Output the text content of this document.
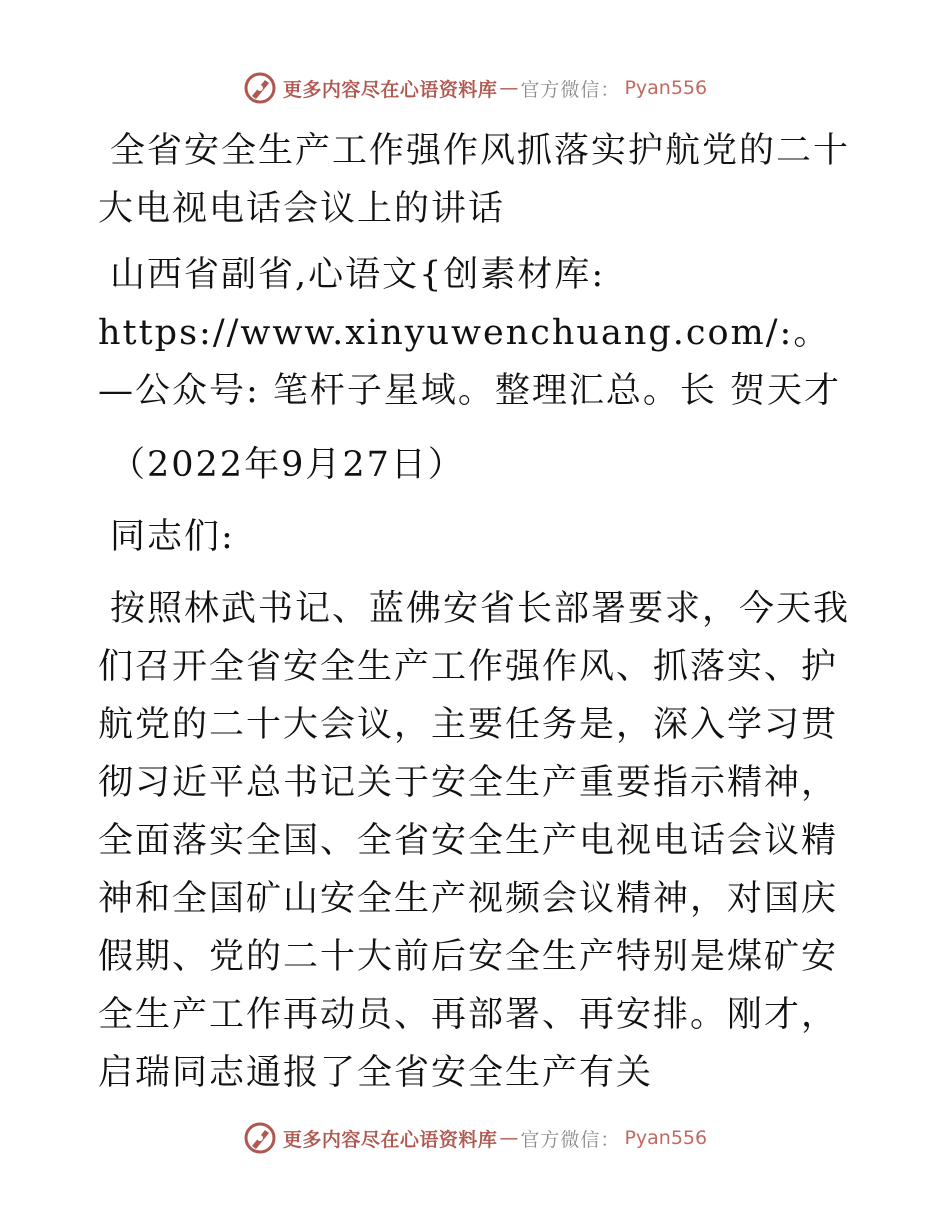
更多内容尽在心语资料库 — 官方微信： Pyan556

全省安全生产工作强作风抓落实护航党的二十大电视电话会议上的讲话

山西省副省,心语文{创素材库: https://www.xinyuwenchuang.com/:。—公众号: 笔杆子星域。整理汇总。长 贺天才

（2022年9月27日）

同志们:

按照林武书记、蓝佛安省长部署要求，今天我们召开全省安全生产工作强作风、抓落实、护航党的二十大会议，主要任务是，深入学习贯彻习近平总书记关于安全生产重要指示精神，全面落实全国、全省安全生产电视电话会议精神和全国矿山安全生产视频会议精神，对国庆假期、党的二十大前后安全生产特别是煤矿安全生产工作再动员、再部署、再安排。刚才，启瑞同志通报了全省安全生产有关

更多内容尽在心语资料库 — 官方微信： Pyan556
